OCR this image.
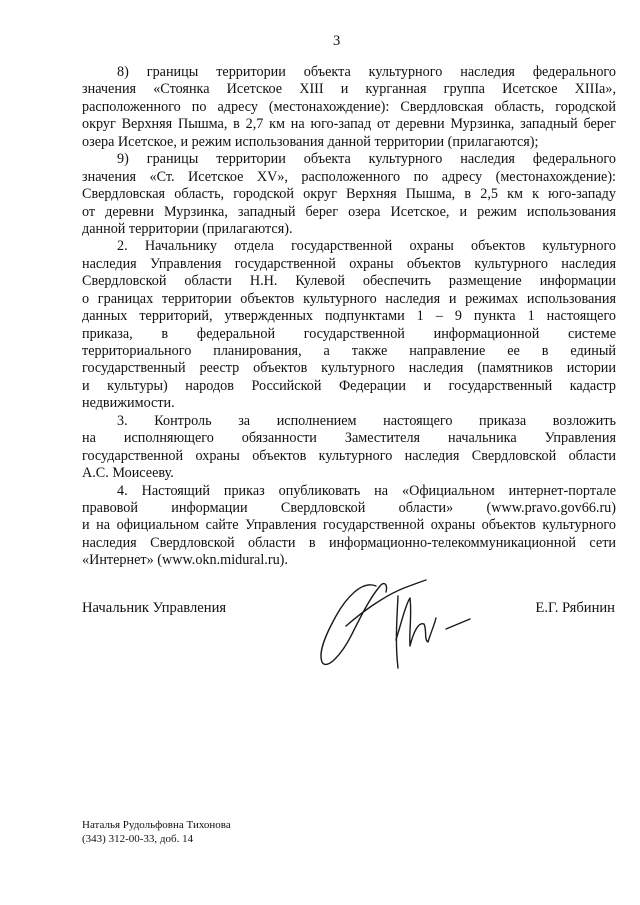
3
8) границы территории объекта культурного наследия федерального
значения «Стоянка Исетское XIII и курганная группа Исетское XIIIа»,
расположенного по адресу (местонахождение): Свердловская область, городской
округ Верхняя Пышма, в 2,7 км на юго-запад от деревни Мурзинка, западный берег
озера Исетское, и режим использования данной территории (прилагаются);
9) границы территории объекта культурного наследия федерального
значения «Ст. Исетское XV», расположенного по адресу (местонахождение):
Свердловская область, городской округ Верхняя Пышма, в 2,5 км к юго-западу
от деревни Мурзинка, западный берег озера Исетское, и режим использования
данной территории (прилагаются).
2. Начальнику отдела государственной охраны объектов культурного
наследия Управления государственной охраны объектов культурного наследия
Свердловской области Н.Н. Кулевой обеспечить размещение информации
о границах территории объектов культурного наследия и режимах использования
данных территорий, утвержденных подпунктами 1 – 9 пункта 1 настоящего
приказа, в федеральной государственной информационной системе
территориального планирования, а также направление ее в единый
государственный реестр объектов культурного наследия (памятников истории
и культуры) народов Российской Федерации и государственный кадастр
недвижимости.
3. Контроль за исполнением настоящего приказа возложить
на исполняющего обязанности Заместителя начальника Управления
государственной охраны объектов культурного наследия Свердловской области
А.С. Моисееву.
4. Настоящий приказ опубликовать на «Официальном интернет-портале
правовой информации Свердловской области» (www.pravo.gov66.ru)
и на официальном сайте Управления государственной охраны объектов культурного
наследия Свердловской области в информационно-телекоммуникационной сети
«Интернет» (www.okn.midural.ru).
Начальник Управления	Е.Г. Рябинин
Наталья Рудольфовна Тихонова
(343) 312-00-33, доб. 14
